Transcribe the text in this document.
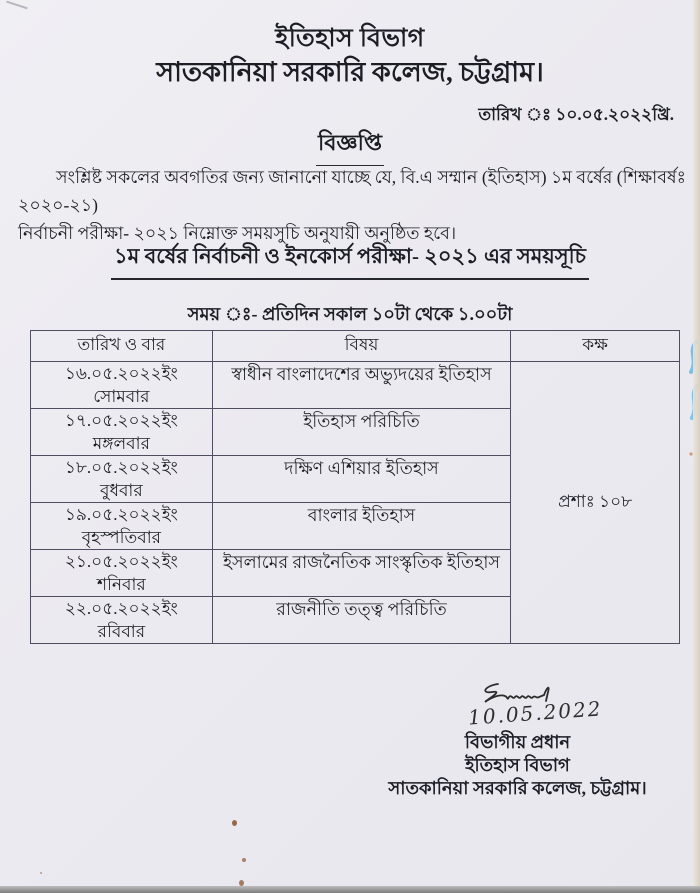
ইতিহাস বিভাগ
সাতকানিয়া সরকারি কলেজ, চট্টগ্রাম।
তারিখ ঃ ১০.০৫.২০২২খ্রি.
বিজ্ঞপ্তি
সংশ্লিষ্ট সকলের অবগতির জন্য জানানো যাচ্ছে যে, বি.এ সম্মান (ইতিহাস) ১ম বর্ষের (শিক্ষাবর্ষঃ ২০২০-২১)
নির্বাচনী পরীক্ষা- ২০২১ নিম্নোক্ত সময়সুচি অনুযায়ী অনুষ্ঠিত হবে।
১ম বর্ষের নির্বাচনী ও ইনকোর্স পরীক্ষা- ২০২১ এর সময়সূচি
সময় ঃ- প্রতিদিন সকাল ১০টা থেকে ১.০০টা
তারিখ ও বার	বিষয়	কক্ষ

১৬.০৫.২০২২ইং
সোমবার	স্বাধীন বাংলাদেশের অভ্যুদয়ের ইতিহাস	প্রশাঃ ১০৮

১৭.০৫.২০২২ইং
মঙ্গলবার	ইতিহাস পরিচিতি	

১৮.০৫.২০২২ইং
বুধবার	দক্ষিণ এশিয়ার ইতিহাস	

১৯.০৫.২০২২ইং
বৃহস্পতিবার	বাংলার ইতিহাস	

২১.০৫.২০২২ইং
শনিবার	ইসলামের রাজনৈতিক সাংস্কৃতিক ইতিহাস	

২২.০৫.২০২২ইং
রবিবার	রাজনীতি তত্ত্ব পরিচিতি	
10.05.2022
বিভাগীয় প্রধান
ইতিহাস বিভাগ
সাতকানিয়া সরকারি কলেজ, চট্টগ্রাম।
